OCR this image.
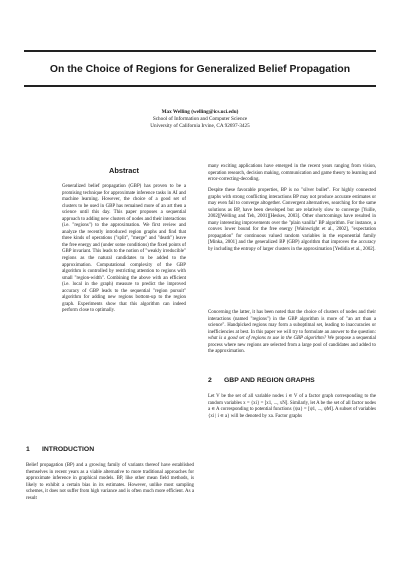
On the Choice of Regions for Generalized Belief Propagation
Max Welling (welling@ics.uci.edu)
School of Information and Computer Science
University of California Irvine, CA 92697-3425
Abstract

Generalized belief propagation (GBP) has proven to be a promising technique for approximate inference tasks in AI and machine learning. However, the choice of a good set of clusters to be used in GBP has remained more of an art then a science until this day. This paper proposes a sequential approach to adding new clusters of nodes and their interactions (i.e. "regions") to the approximation. We first review and analyze the recently introduced region graphs and find that three kinds of operations ("split", "merge" and "death") leave the free energy and (under some conditions) the fixed points of GBP invariant. This leads to the notion of "weakly irreducible" regions as the natural candidates to be added to the approximation. Computational complexity of the GBP algorithm is controlled by restricting attention to regions with small "region-width". Combining the above with an efficient (i.e. local in the graph) measure to predict the improved accuracy of GBP leads to the sequential "region pursuit" algorithm for adding new regions bottom-up to the region graph. Experiments show that this algorithm can indeed perform close to optimally.

1 INTRODUCTION

Belief propagation (BP) and a growing family of variants thereof have established themselves in recent years as a viable alternative to more traditional approaches for approximate inference in graphical models. BP, like other mean field methods, is likely to exhibit a certain bias in its estimates. However, unlike most sampling schemes, it does not suffer from high variance and is often much more efficient. As a result

many exciting applications have emerged in the recent years ranging from vision, operation research, decision making, communication and game theory to learning and error-correcting-decoding.

Despite these favorable properties, BP is no "silver bullet". For highly connected graphs with strong conflicting interactions BP may not produce accurate estimates or may even fail to converge altogether. Convergent alternatives, searching for the same solutions as BP, have been developed but are relatively slow to converge [Yuille, 2002][Welling and Teh, 2001][Heskes, 2003]. Other shortcomings have resulted in many interesting improvements over the "plain vanilla" BP algorithm. For instance, a convex lower bound for the free energy [Wainwright et al., 2002], "expectation propagation" for continuous valued random variables in the exponential family [Minka, 2001] and the generalized BP (GBP) algorithm that improves the accuracy by including the entropy of larger clusters in the approximation [Yedidia et al., 2002].

Concerning the latter, it has been noted that the choice of clusters of nodes and their interactions (named "regions") in the GBP algorithm is more of "an art than a science". Handpicked regions may form a suboptimal set, leading to inaccuracies or inefficiencies at best. In this paper we will try to formulate an answer to the question: what is a good set of regions to use in the GBP algorithm? We propose a sequential process where new regions are selected from a large pool of candidates and added to the approximation.

2 GBP AND REGION GRAPHS

Let V be the set of all variable nodes i ∈ V of a factor graph corresponding to the random variables x = {xi} = [x1, ..., xN]. Similarly, let A be the set of all factor nodes a ∈ A corresponding to potential functions {ψa} = [ψ1, ..., ψM]. A subset of variables {xi | i ∈ a} will be denoted by xa. Factor graphs
